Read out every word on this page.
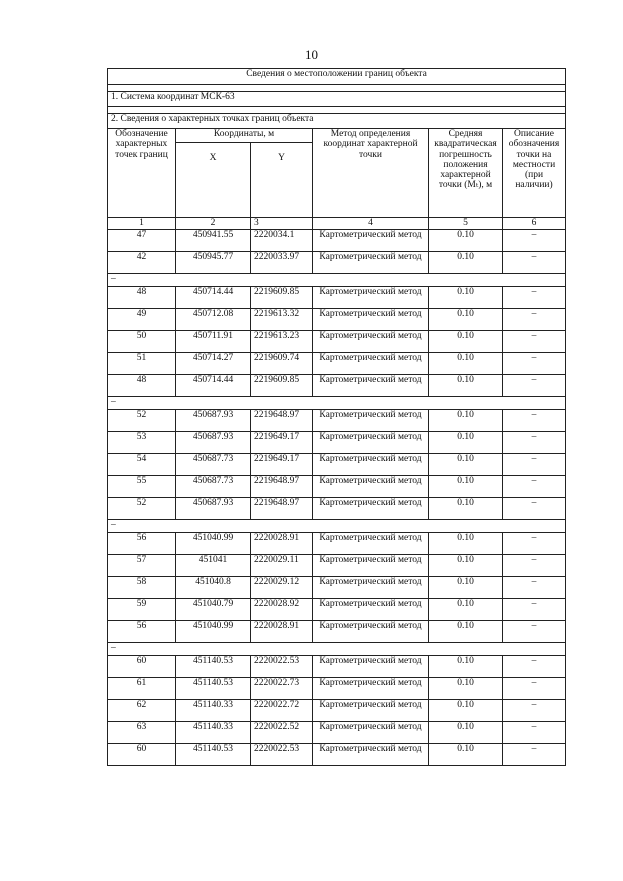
10
Сведения о местоположении границ объекта					

1. Система координат МСК-63					

2. Сведения о характерных точках границ объекта					
Обозначение характерных точек границ	Координаты, м		Метод определения координат характерной точки	Средняя квадратическая погрешность положения характерной точки (Mₜ), м	Описание обозначения точки на местности (при наличии)
	X	Y			
1	2	3	4	5	6
47	450941.55	2220034.1	Картометрический метод	0.10	–
42	450945.77	2220033.97	Картометрический метод	0.10	–
–					
48	450714.44	2219609.85	Картометрический метод	0.10	–
49	450712.08	2219613.32	Картометрический метод	0.10	–
50	450711.91	2219613.23	Картометрический метод	0.10	–
51	450714.27	2219609.74	Картометрический метод	0.10	–
48	450714.44	2219609.85	Картометрический метод	0.10	–
–					
52	450687.93	2219648.97	Картометрический метод	0.10	–
53	450687.93	2219649.17	Картометрический метод	0.10	–
54	450687.73	2219649.17	Картометрический метод	0.10	–
55	450687.73	2219648.97	Картометрический метод	0.10	–
52	450687.93	2219648.97	Картометрический метод	0.10	–
–					
56	451040.99	2220028.91	Картометрический метод	0.10	–
57	451041	2220029.11	Картометрический метод	0.10	–
58	451040.8	2220029.12	Картометрический метод	0.10	–
59	451040.79	2220028.92	Картометрический метод	0.10	–
56	451040.99	2220028.91	Картометрический метод	0.10	–
–					
60	451140.53	2220022.53	Картометрический метод	0.10	–
61	451140.53	2220022.73	Картометрический метод	0.10	–
62	451140.33	2220022.72	Картометрический метод	0.10	–
63	451140.33	2220022.52	Картометрический метод	0.10	–
60	451140.53	2220022.53	Картометрический метод	0.10	–
